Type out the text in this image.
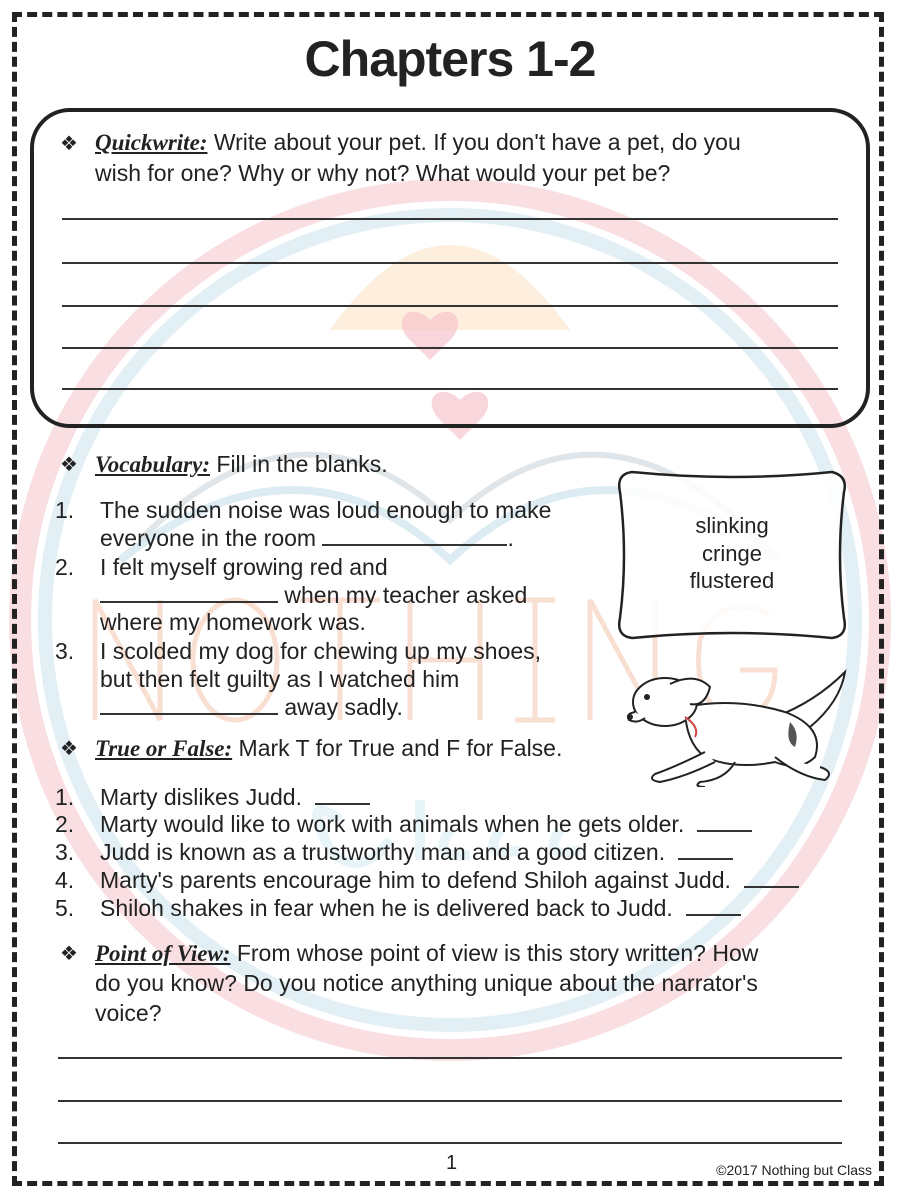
Chapters 1-2
❖ Quickwrite: Write about your pet. If you don't have a pet, do you
wish for one? Why or why not? What would your pet be?
❖ Vocabulary: Fill in the blanks.
1. The sudden noise was loud enough to make
everyone in the room	.
2. I felt myself growing red and
when my teacher asked
where my homework was.
3. I scolded my dog for chewing up my shoes,
but then felt guilty as I watched him
away sadly.
slinking
cringe
flustered
❖ True or False: Mark T for True and F for False.
1. Marty dislikes Judd.
2. Marty would like to work with animals when he gets older.
3. Judd is known as a trustworthy man and a good citizen.
4. Marty's parents encourage him to defend Shiloh against Judd.
5. Shiloh shakes in fear when he is delivered back to Judd.
❖ Point of View: From whose point of view is this story written? How
do you know? Do you notice anything unique about the narrator's
voice?
1	©2017 Nothing but Class
